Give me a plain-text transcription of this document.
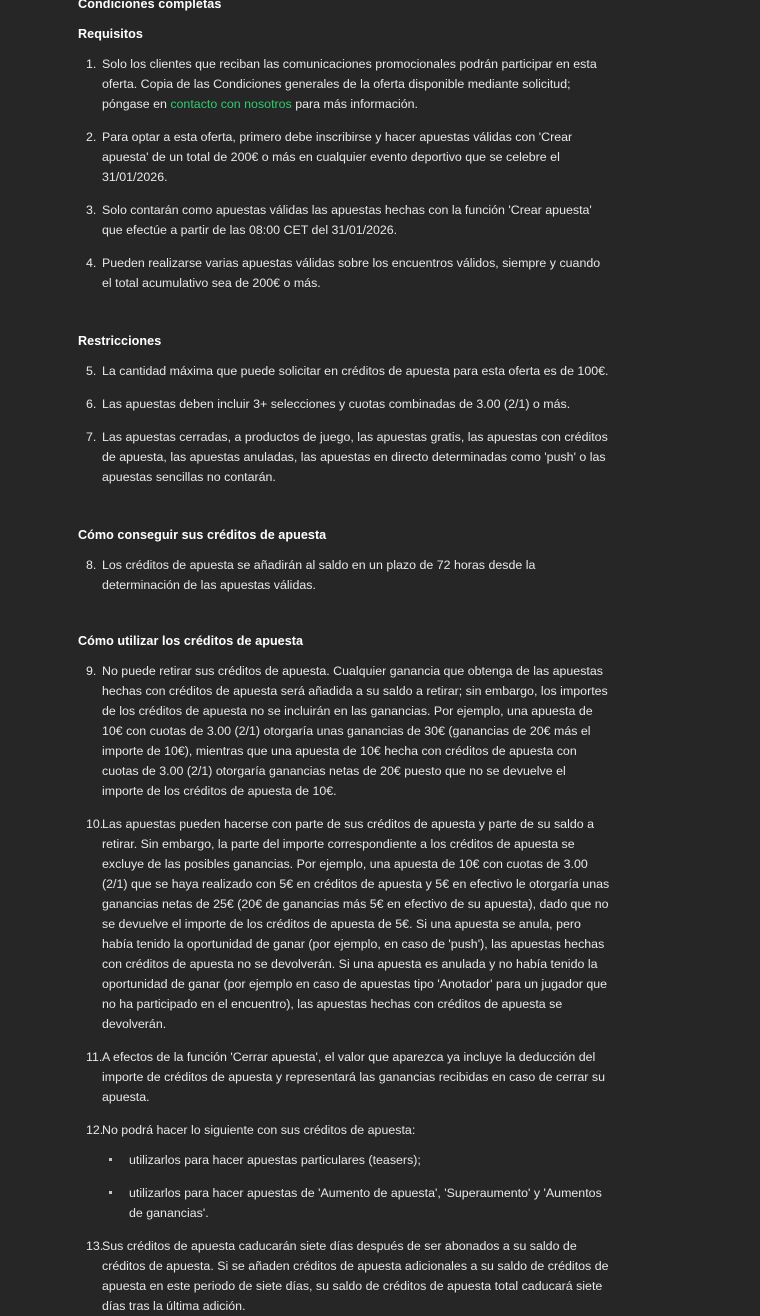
Condiciones completas
Requisitos
1. Solo los clientes que reciban las comunicaciones promocionales podrán participar en esta oferta. Copia de las Condiciones generales de la oferta disponible mediante solicitud; póngase en contacto con nosotros para más información.
2. Para optar a esta oferta, primero debe inscribirse y hacer apuestas válidas con 'Crear apuesta' de un total de 200€ o más en cualquier evento deportivo que se celebre el 31/01/2026.
3. Solo contarán como apuestas válidas las apuestas hechas con la función 'Crear apuesta' que efectúe a partir de las 08:00 CET del 31/01/2026.
4. Pueden realizarse varias apuestas válidas sobre los encuentros válidos, siempre y cuando el total acumulativo sea de 200€ o más.
Restricciones
5. La cantidad máxima que puede solicitar en créditos de apuesta para esta oferta es de 100€.
6. Las apuestas deben incluir 3+ selecciones y cuotas combinadas de 3.00 (2/1) o más.
7. Las apuestas cerradas, a productos de juego, las apuestas gratis, las apuestas con créditos de apuesta, las apuestas anuladas, las apuestas en directo determinadas como 'push' o las apuestas sencillas no contarán.
Cómo conseguir sus créditos de apuesta
8. Los créditos de apuesta se añadirán al saldo en un plazo de 72 horas desde la determinación de las apuestas válidas.
Cómo utilizar los créditos de apuesta
9. No puede retirar sus créditos de apuesta. Cualquier ganancia que obtenga de las apuestas hechas con créditos de apuesta será añadida a su saldo a retirar; sin embargo, los importes de los créditos de apuesta no se incluirán en las ganancias. Por ejemplo, una apuesta de 10€ con cuotas de 3.00 (2/1) otorgaría unas ganancias de 30€ (ganancias de 20€ más el importe de 10€), mientras que una apuesta de 10€ hecha con créditos de apuesta con cuotas de 3.00 (2/1) otorgaría ganancias netas de 20€ puesto que no se devuelve el importe de los créditos de apuesta de 10€.
10.
Las apuestas pueden hacerse con parte de sus créditos de apuesta y parte de su saldo a retirar. Sin embargo, la parte del importe correspondiente a los créditos de apuesta se excluye de las posibles ganancias. Por ejemplo, una apuesta de 10€ con cuotas de 3.00 (2/1) que se haya realizado con 5€ en créditos de apuesta y 5€ en efectivo le otorgaría unas ganancias netas de 25€ (20€ de ganancias más 5€ en efectivo de su apuesta), dado que no se devuelve el importe de los créditos de apuesta de 5€. Si una apuesta se anula, pero había tenido la oportunidad de ganar (por ejemplo, en caso de 'push'), las apuestas hechas con créditos de apuesta no se devolverán. Si una apuesta es anulada y no había tenido la oportunidad de ganar (por ejemplo en caso de apuestas tipo 'Anotador' para un jugador que no ha participado en el encuentro), las apuestas hechas con créditos de apuesta se devolverán.
11. A efectos de la función 'Cerrar apuesta', el valor que aparezca ya incluye la deducción del importe de créditos de apuesta y representará las ganancias recibidas en caso de cerrar su apuesta.
12.
No podrá hacer lo siguiente con sus créditos de apuesta:
utilizarlos para hacer apuestas particulares (teasers);
utilizarlos para hacer apuestas de 'Aumento de apuesta', 'Superaumento' y 'Aumentos de ganancias'.
13.
Sus créditos de apuesta caducarán siete días después de ser abonados a su saldo de créditos de apuesta. Si se añaden créditos de apuesta adicionales a su saldo de créditos de apuesta en este periodo de siete días, su saldo de créditos de apuesta total caducará siete días tras la última adición.
